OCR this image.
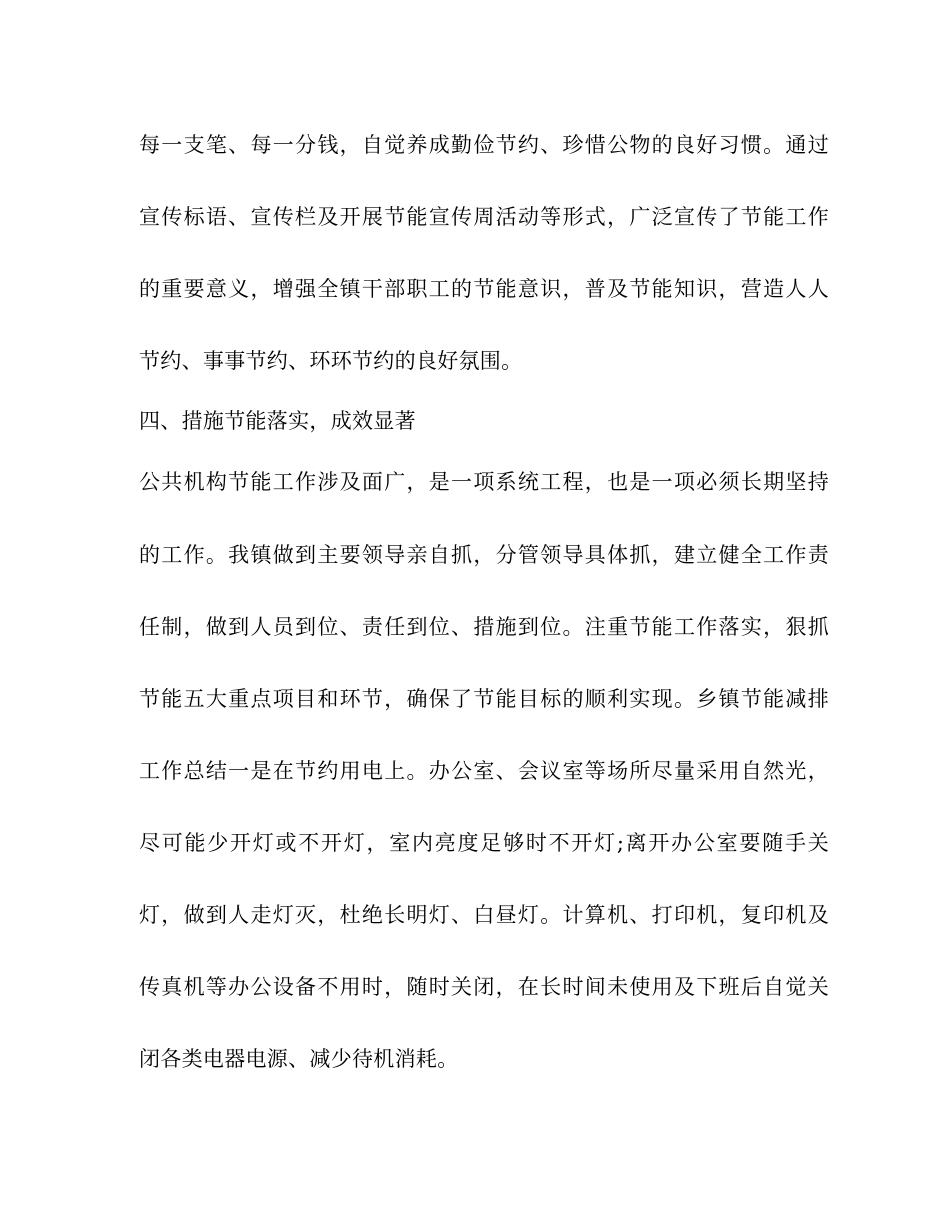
每一支笔、每一分钱，自觉养成勤俭节约、珍惜公物的良好习惯。通过
宣传标语、宣传栏及开展节能宣传周活动等形式，广泛宣传了节能工作
的重要意义，增强全镇干部职工的节能意识，普及节能知识，营造人人
节约、事事节约、环环节约的良好氛围。
四、措施节能落实，成效显著
公共机构节能工作涉及面广，是一项系统工程，也是一项必须长期坚持
的工作。我镇做到主要领导亲自抓，分管领导具体抓，建立健全工作责
任制，做到人员到位、责任到位、措施到位。注重节能工作落实，狠抓
节能五大重点项目和环节，确保了节能目标的顺利实现。乡镇节能减排
工作总结一是在节约用电上。办公室、会议室等场所尽量采用自然光，
尽可能少开灯或不开灯，室内亮度足够时不开灯;离开办公室要随手关
灯，做到人走灯灭，杜绝长明灯、白昼灯。计算机、打印机，复印机及
传真机等办公设备不用时，随时关闭，在长时间未使用及下班后自觉关
闭各类电器电源、减少待机消耗。
